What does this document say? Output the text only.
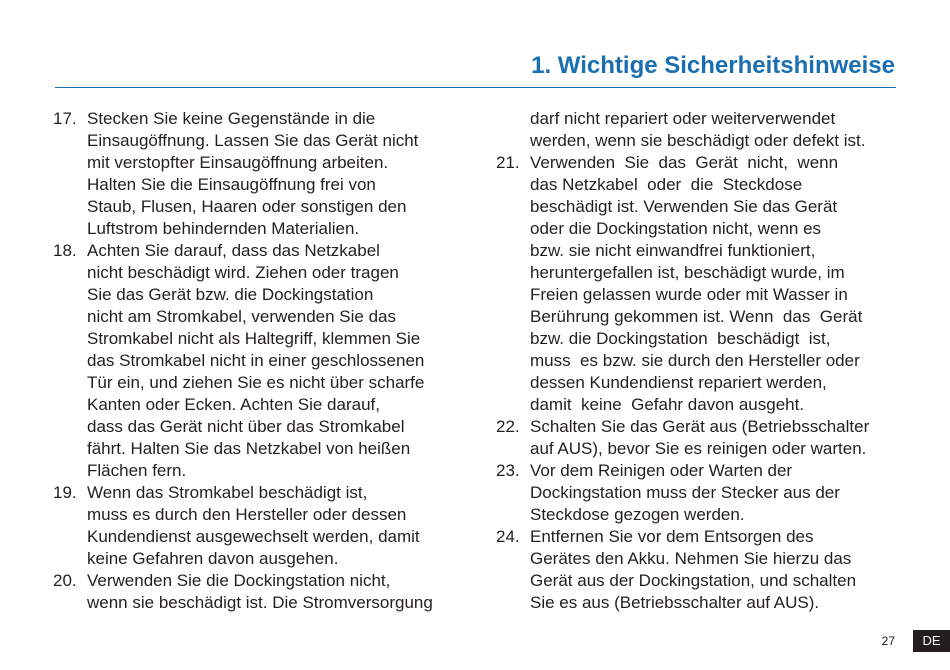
1. Wichtige Sicherheitshinweise
17. Stecken Sie keine Gegenstände in die
Einsaugöffnung. Lassen Sie das Gerät nicht
mit verstopfter Einsaugöffnung arbeiten.
Halten Sie die Einsaugöffnung frei von
Staub, Flusen, Haaren oder sonstigen den
Luftstrom behindernden Materialien.
18. Achten Sie darauf, dass das Netzkabel
nicht beschädigt wird. Ziehen oder tragen
Sie das Gerät bzw. die Dockingstation
nicht am Stromkabel, verwenden Sie das
Stromkabel nicht als Haltegriff, klemmen Sie
das Stromkabel nicht in einer geschlossenen
Tür ein, und ziehen Sie es nicht über scharfe
Kanten oder Ecken. Achten Sie darauf,
dass das Gerät nicht über das Stromkabel
fährt. Halten Sie das Netzkabel von heißen
Flächen fern.
19. Wenn das Stromkabel beschädigt ist,
muss es durch den Hersteller oder dessen
Kundendienst ausgewechselt werden, damit
keine Gefahren davon ausgehen.
20. Verwenden Sie die Dockingstation nicht,
wenn sie beschädigt ist. Die Stromversorgung
darf nicht repariert oder weiterverwendet
werden, wenn sie beschädigt oder defekt ist.
21. Verwenden  Sie  das  Gerät  nicht,  wenn
das Netzkabel  oder  die  Steckdose
beschädigt ist. Verwenden Sie das Gerät
oder die Dockingstation nicht, wenn es
bzw. sie nicht einwandfrei funktioniert,
heruntergefallen ist, beschädigt wurde, im
Freien gelassen wurde oder mit Wasser in
Berührung gekommen ist. Wenn  das  Gerät
bzw. die Dockingstation  beschädigt  ist,
muss  es bzw. sie durch den Hersteller oder
dessen Kundendienst repariert werden,
damit  keine  Gefahr davon ausgeht.
22. Schalten Sie das Gerät aus (Betriebsschalter
auf AUS), bevor Sie es reinigen oder warten.
23. Vor dem Reinigen oder Warten der
Dockingstation muss der Stecker aus der
Steckdose gezogen werden.
24. Entfernen Sie vor dem Entsorgen des
Gerätes den Akku. Nehmen Sie hierzu das
Gerät aus der Dockingstation, und schalten
Sie es aus (Betriebsschalter auf AUS).
27	DE
